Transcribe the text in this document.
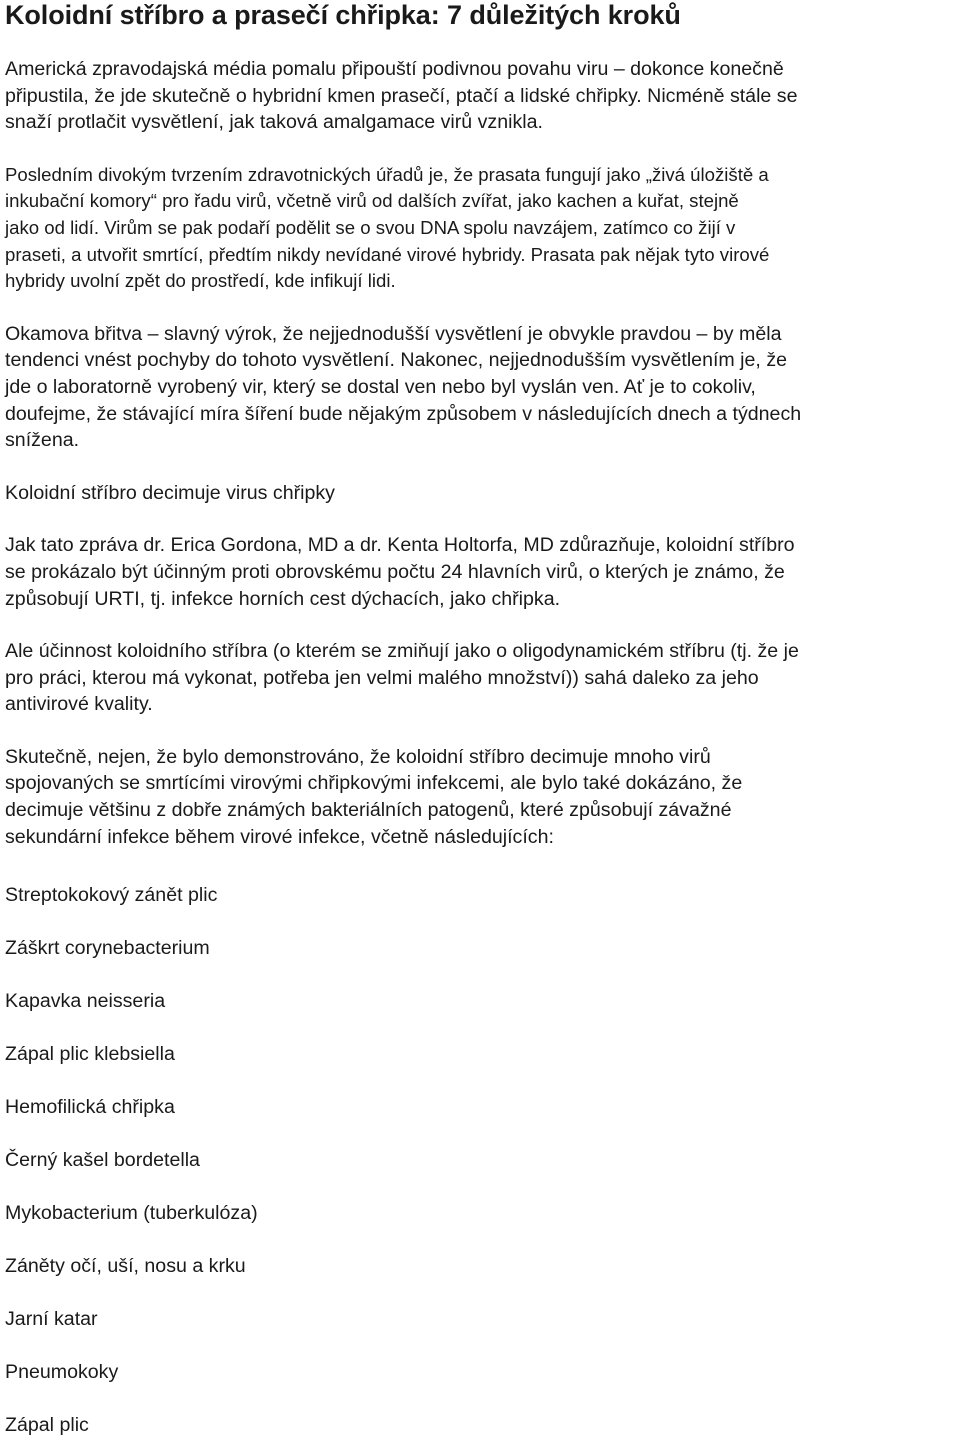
Koloidní stříbro a prasečí chřipka: 7 důležitých kroků

Americká zpravodajská média pomalu připouští podivnou povahu viru – dokonce konečně
připustila, že jde skutečně o hybridní kmen prasečí, ptačí a lidské chřipky. Nicméně stále se
snaží protlačit vysvětlení, jak taková amalgamace virů vznikla.

Posledním divokým tvrzením zdravotnických úřadů je, že prasata fungují jako „živá úložiště a
inkubační komory“ pro řadu virů, včetně virů od dalších zvířat, jako kachen a kuřat, stejně
jako od lidí. Virům se pak podaří podělit se o svou DNA spolu navzájem, zatímco co žijí v
praseti, a utvořit smrtící, předtím nikdy nevídané virové hybridy. Prasata pak nějak tyto virové
hybridy uvolní zpět do prostředí, kde infikují lidi.

Okamova břitva – slavný výrok, že nejjednodušší vysvětlení je obvykle pravdou – by měla
tendenci vnést pochyby do tohoto vysvětlení. Nakonec, nejjednodušším vysvětlením je, že
jde o laboratorně vyrobený vir, který se dostal ven nebo byl vyslán ven. Ať je to cokoliv,
doufejme, že stávající míra šíření bude nějakým způsobem v následujících dnech a týdnech
snížena.

Koloidní stříbro decimuje virus chřipky

Jak tato zpráva dr. Erica Gordona, MD a dr. Kenta Holtorfa, MD zdůrazňuje, koloidní stříbro
se prokázalo být účinným proti obrovskému počtu 24 hlavních virů, o kterých je známo, že
způsobují URTI, tj. infekce horních cest dýchacích, jako chřipka.

Ale účinnost koloidního stříbra (o kterém se zmiňují jako o oligodynamickém stříbru (tj. že je
pro práci, kterou má vykonat, potřeba jen velmi malého množství)) sahá daleko za jeho
antivirové kvality.

Skutečně, nejen, že bylo demonstrováno, že koloidní stříbro decimuje mnoho virů
spojovaných se smrtícími virovými chřipkovými infekcemi, ale bylo také dokázáno, že
decimuje většinu z dobře známých bakteriálních patogenů, které způsobují závažné
sekundární infekce během virové infekce, včetně následujících:

Streptokokový zánět plic

Záškrt corynebacterium

Kapavka neisseria

Zápal plic klebsiella

Hemofilická chřipka

Černý kašel bordetella

Mykobacterium (tuberkulóza)

Záněty očí, uší, nosu a krku

Jarní katar

Pneumokoky

Zápal plic
